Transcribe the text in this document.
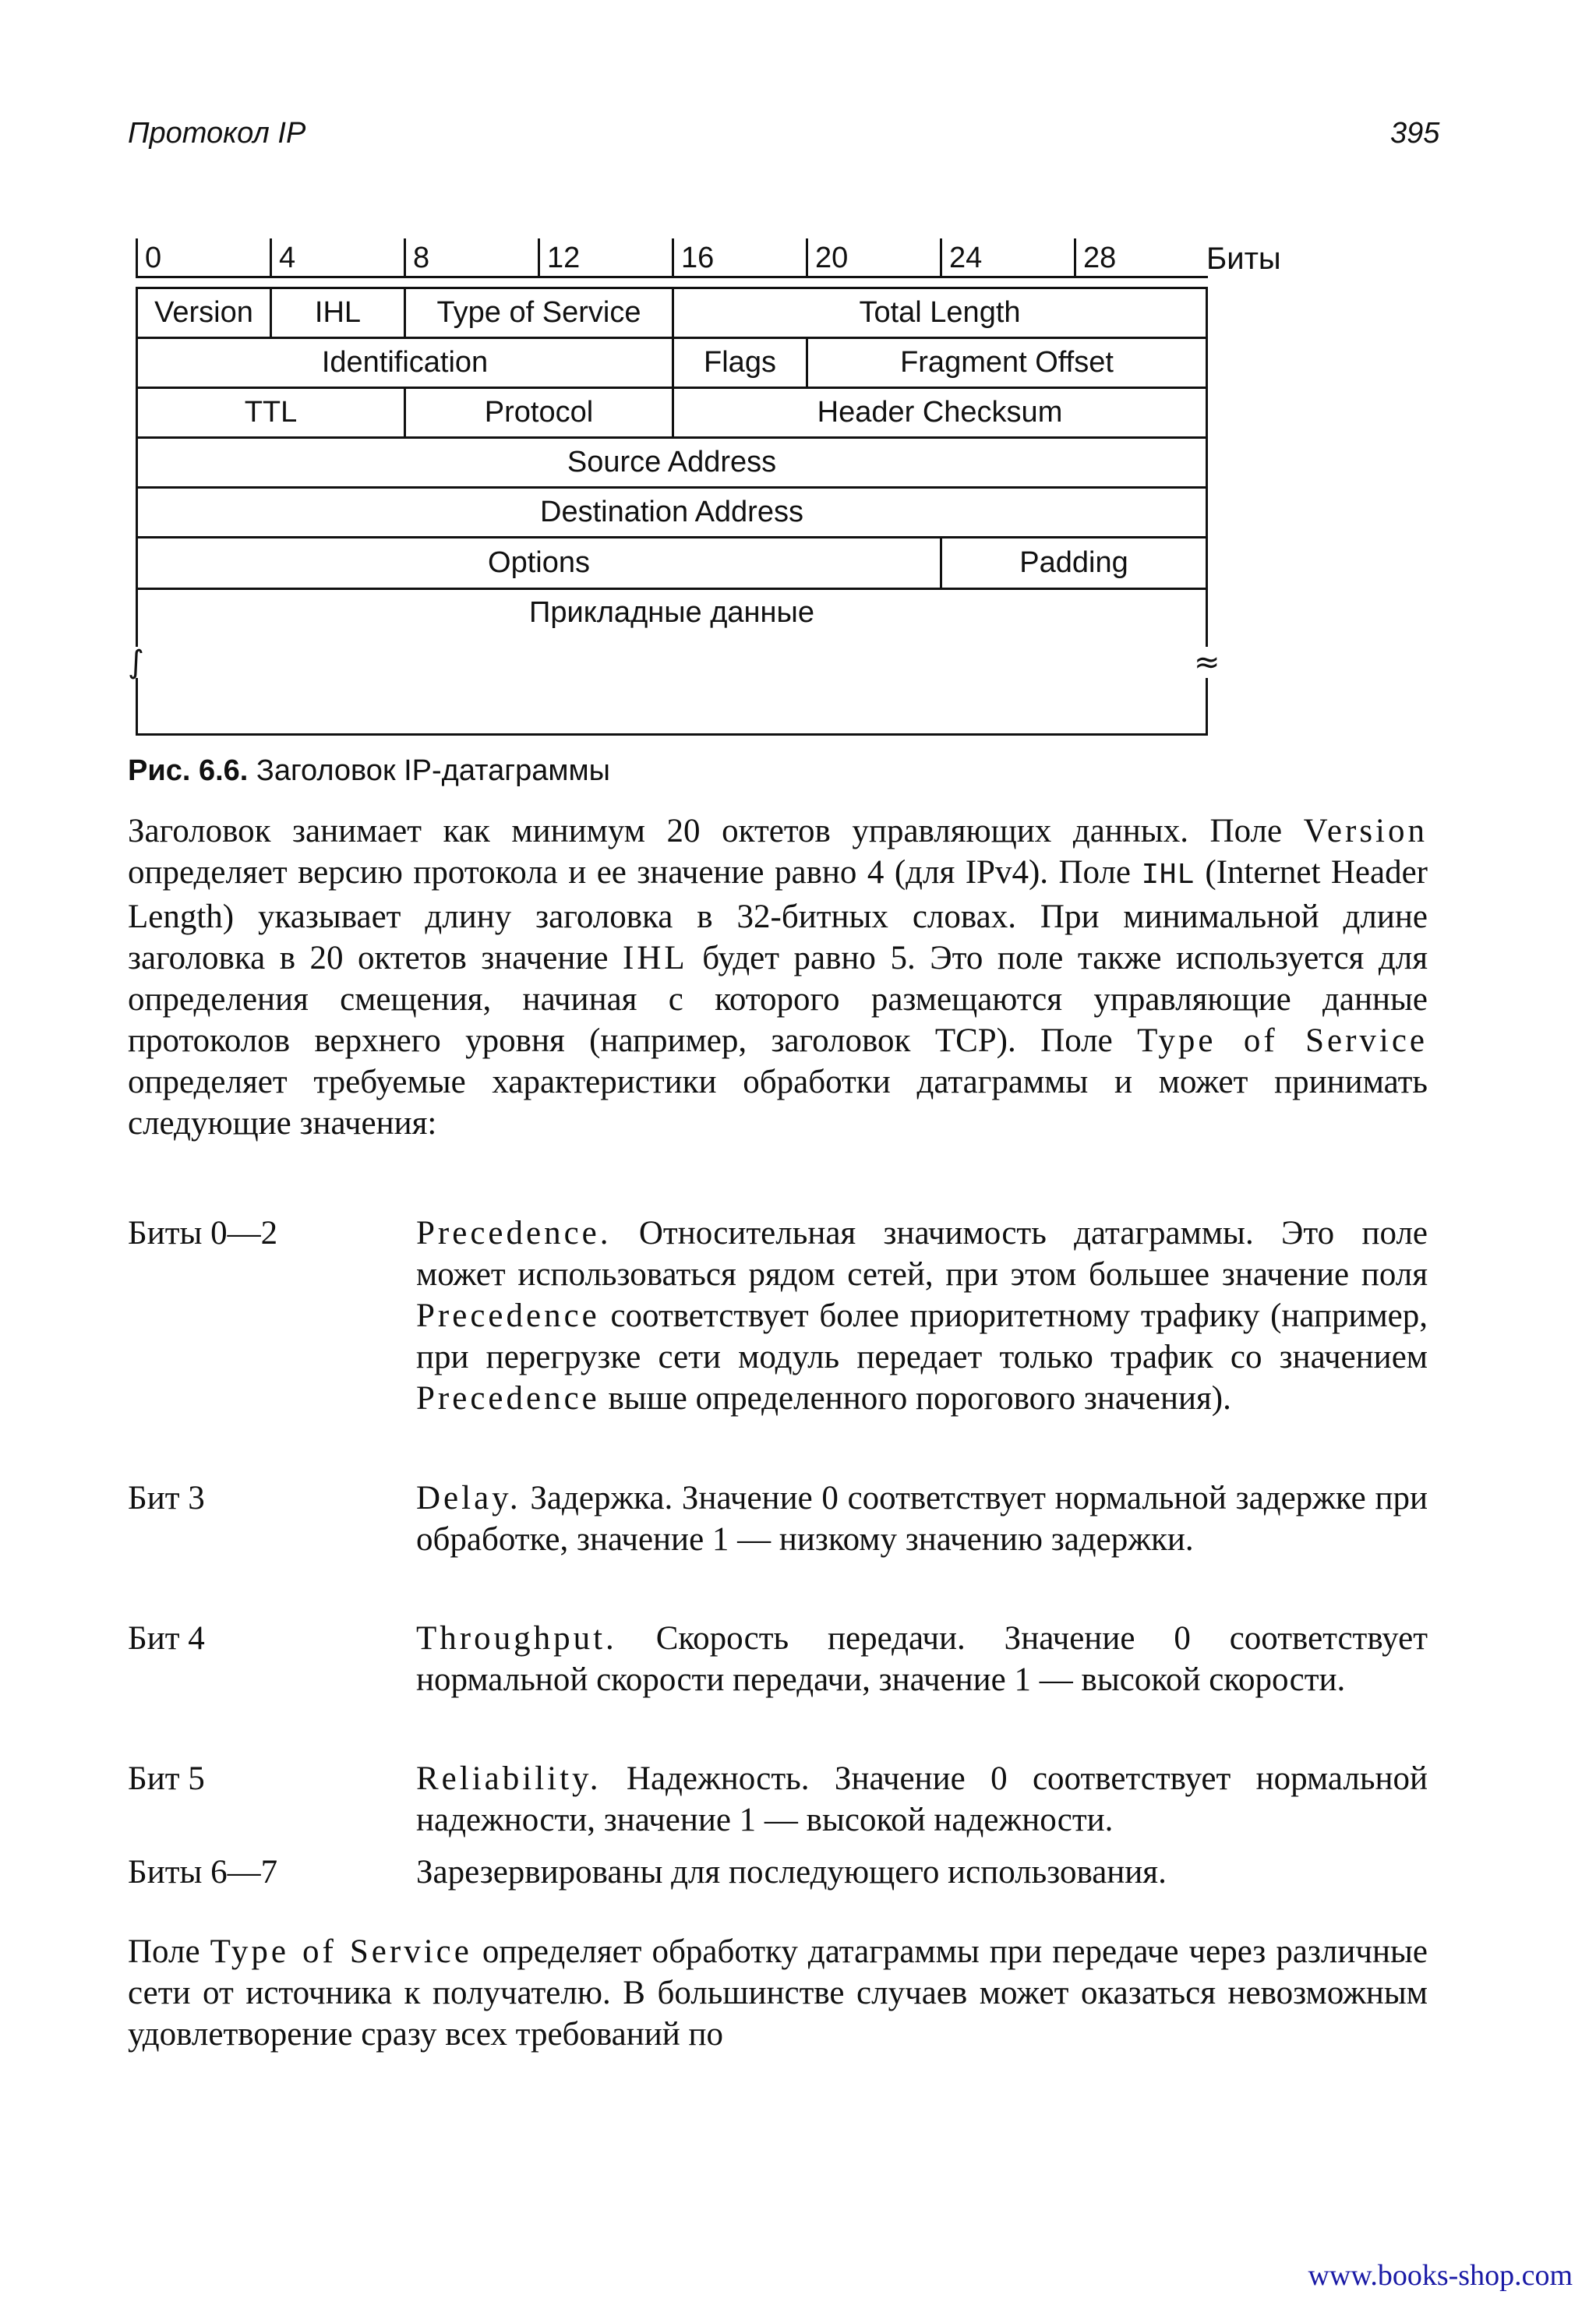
Протокол IP	395
0	4	8	12	16	20	24	28	Биты
Version	IHL	Type of Service	Total Length
Identification	Flags	Fragment Offset
TTL	Protocol	Header Checksum
Source Address
Destination Address
Options	Padding
Прикладные данные
∫	≈
Рис. 6.6. Заголовок IP-датаграммы
Заголовок занимает как минимум 20 октетов управляющих данных. Поле Version определяет версию протокола и ее значение равно 4 (для IPv4). Поле IHL (Internet Header Length) указывает длину заголовка в 32-битных словах. При минимальной длине заголовка в 20 октетов значение IHL будет равно 5. Это поле также используется для определения смещения, начиная с которого размещаются управляющие данные протоколов верхнего уровня (например, заголовок TCP). Поле Type of Service определяет требуемые характеристики обработки датаграммы и может принимать следующие значения:
Биты 0—2	Precedence. Относительная значимость датаграммы. Это поле может использоваться рядом сетей, при этом большее значение поля Precedence соответствует более приоритетному трафику (например, при перегрузке сети модуль передает только трафик со значением Precedence выше определенного порогового значения).
Бит 3	Delay. Задержка. Значение 0 соответствует нормальной задержке при обработке, значение 1 — низкому значению задержки.
Бит 4	Throughput. Скорость передачи. Значение 0 соответствует нормальной скорости передачи, значение 1 — высокой скорости.
Бит 5	Reliability. Надежность. Значение 0 соответствует нормальной надежности, значение 1 — высокой надежности.
Биты 6—7	Зарезервированы для последующего использования.
Поле Type of Service определяет обработку датаграммы при передаче через различные сети от источника к получателю. В большинстве случаев может оказаться невозможным удовлетворение сразу всех требований по
www.books-shop.com
